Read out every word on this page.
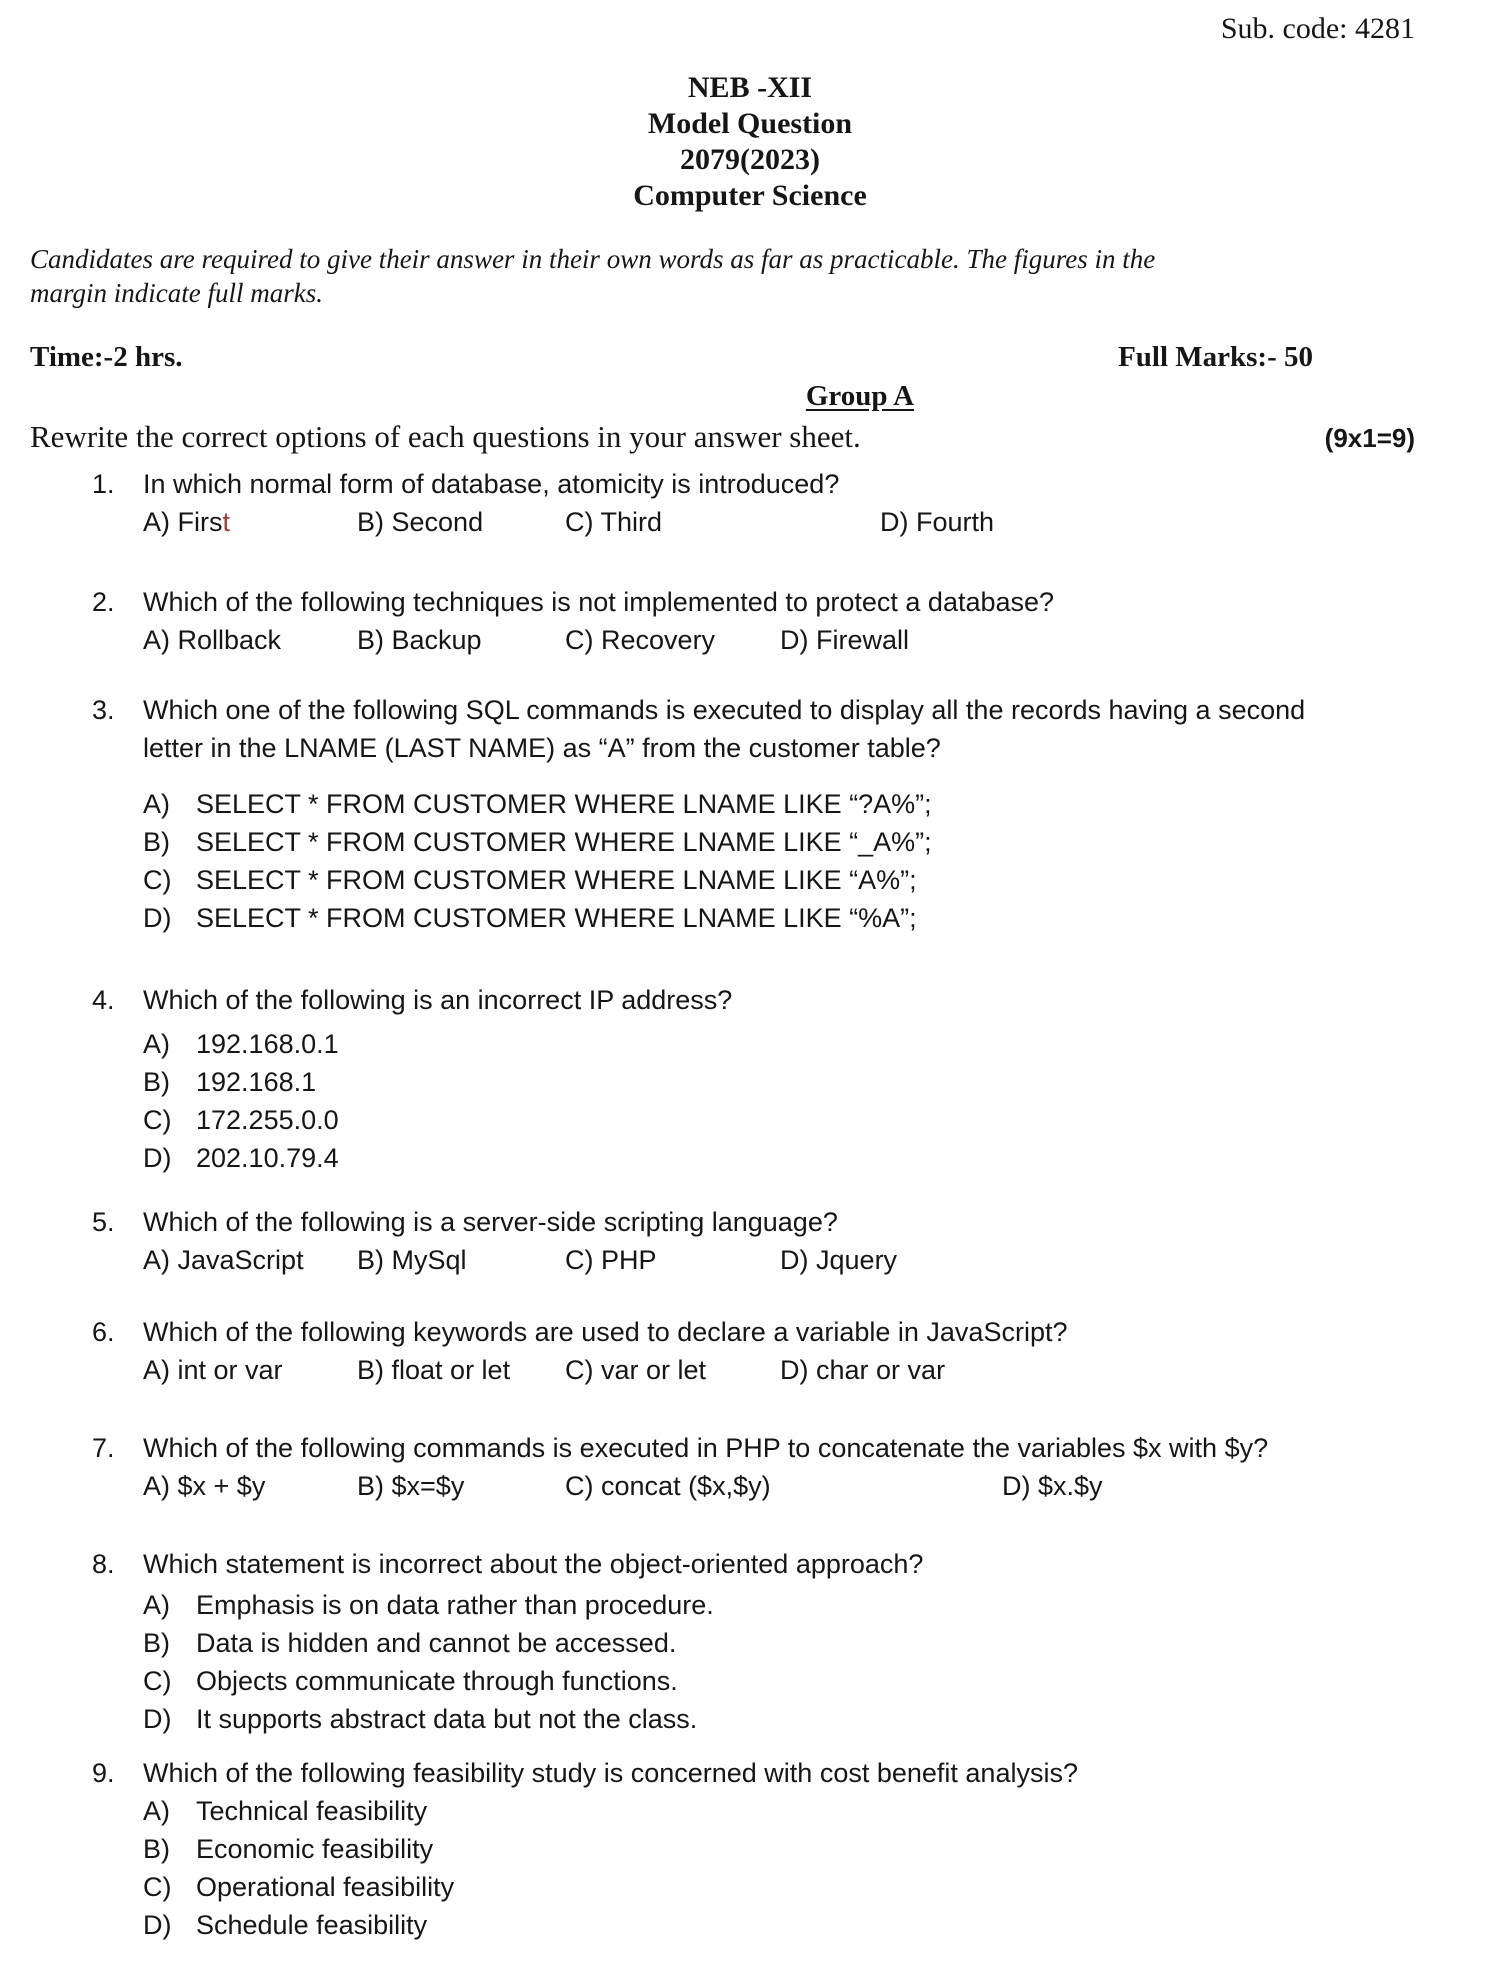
Sub. code: 4281
NEB -XII
Model Question
2079(2023)
Computer Science
Candidates are required to give their answer in their own words as far as practicable. The figures in the
margin indicate full marks.
Time:-2 hrs.	Full Marks:- 50
Group A
Rewrite the correct options of each questions in your answer sheet.	(9x1=9)
1.	In which normal form of database, atomicity is introduced?
A) First	B) Second	C) Third	D) Fourth
2.	Which of the following techniques is not implemented to protect a database?
A) Rollback	B) Backup	C) Recovery D) Firewall
3.	Which one of the following SQL commands is executed to display all the records having a second
letter in the LNAME (LAST NAME) as “A” from the customer table?
A) SELECT * FROM CUSTOMER WHERE LNAME LIKE “?A%”;
B) SELECT * FROM CUSTOMER WHERE LNAME LIKE “_A%”;
C) SELECT * FROM CUSTOMER WHERE LNAME LIKE “A%”;
D) SELECT * FROM CUSTOMER WHERE LNAME LIKE “%A”;
4.	Which of the following is an incorrect IP address?
A) 192.168.0.1
B) 192.168.1
C) 172.255.0.0
D) 202.10.79.4
5.	Which of the following is a server-side scripting language?
A) JavaScript B) MySql	C) PHP	D) Jquery
6.	Which of the following keywords are used to declare a variable in JavaScript?
A) int or var	B) float or let C) var or let	D) char or var
7.	Which of the following commands is executed in PHP to concatenate the variables $x with $y?
A) $x + $y	B) $x=$y	C) concat ($x,$y)	D) $x.$y
8.	Which statement is incorrect about the object-oriented approach?
A) Emphasis is on data rather than procedure.
B) Data is hidden and cannot be accessed.
C) Objects communicate through functions.
D) It supports abstract data but not the class.
9.	Which of the following feasibility study is concerned with cost benefit analysis?
A) Technical feasibility
B) Economic feasibility
C) Operational feasibility
D) Schedule feasibility
